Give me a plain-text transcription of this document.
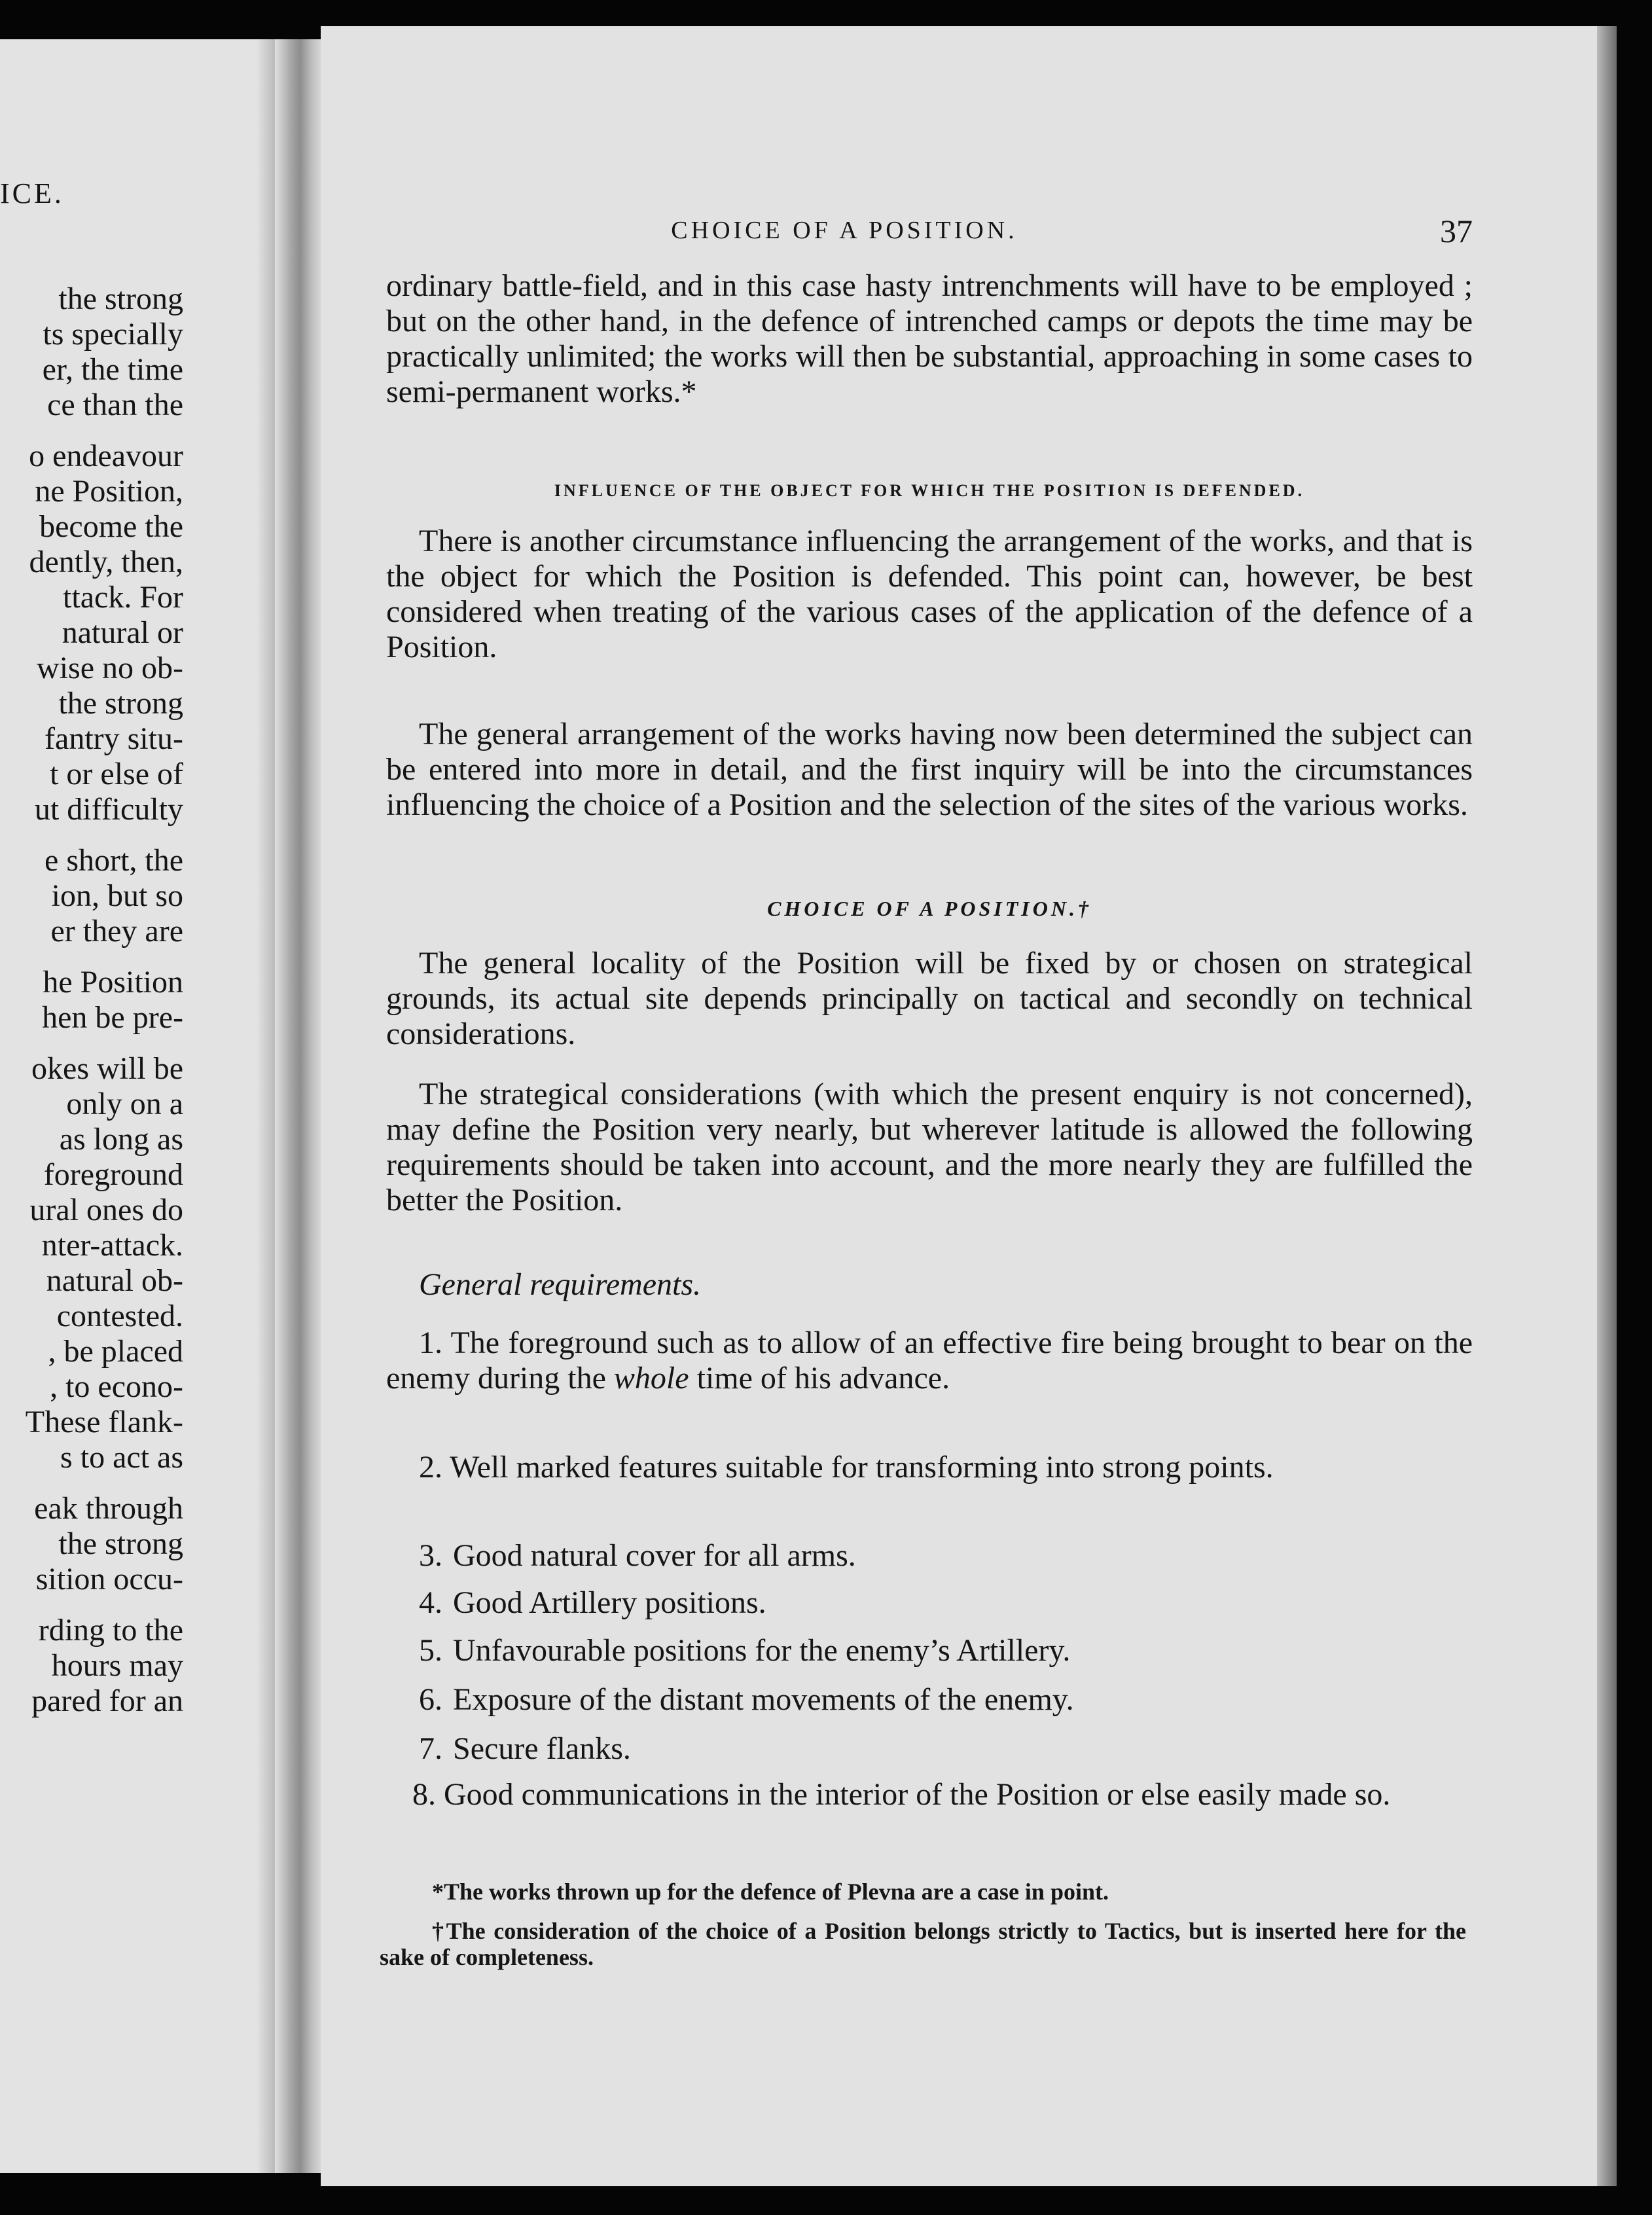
ICE.
the strong
ts specially
er, the time
ce than the
o endeavour
ne Position,
become the
dently, then,
ttack. For
natural or
wise no ob-
the strong
fantry situ-
t or else of
ut difficulty
e short, the
ion, but so
er they are
he Position
hen be pre-
okes will be
only on a
as long as
foreground
ural ones do
nter-attack.
natural ob-
contested.
, be placed
, to econo-
These flank-
s to act as
eak through
the strong
sition occu-
rding to the
hours may
pared for an
CHOICE OF A POSITION.	37

ordinary battle-field, and in this case hasty intrenchments will have to be employed ; but on the other hand, in the defence of intrenched camps or depots the time may be practically unlimited; the works will then be substantial, approaching in some cases to semi-permanent works.*

INFLUENCE OF THE OBJECT FOR WHICH THE POSITION IS DEFENDED.

There is another circumstance influencing the arrangement of the works, and that is the object for which the Position is defended. This point can, however, be best considered when treating of the various cases of the application of the defence of a Position.

The general arrangement of the works having now been determined the subject can be entered into more in detail, and the first inquiry will be into the circumstances influencing the choice of a Position and the selection of the sites of the various works.

CHOICE OF A POSITION.†

The general locality of the Position will be fixed by or chosen on strategical grounds, its actual site depends principally on tactical and secondly on technical considerations.

The strategical considerations (with which the present enquiry is not concerned), may define the Position very nearly, but wherever latitude is allowed the following requirements should be taken into account, and the more nearly they are fulfilled the better the Position.

General requirements.

1. The foreground such as to allow of an effective fire being brought to bear on the enemy during the whole time of his advance.

2. Well marked features suitable for transforming into strong points.

3. Good natural cover for all arms.

4. Good Artillery positions.

5. Unfavourable positions for the enemy’s Artillery.

6. Exposure of the distant movements of the enemy.

7. Secure flanks.

8. Good communications in the interior of the Position or else easily made so.

*The works thrown up for the defence of Plevna are a case in point.

†The consideration of the choice of a Position belongs strictly to Tactics, but is inserted here for the sake of completeness.
